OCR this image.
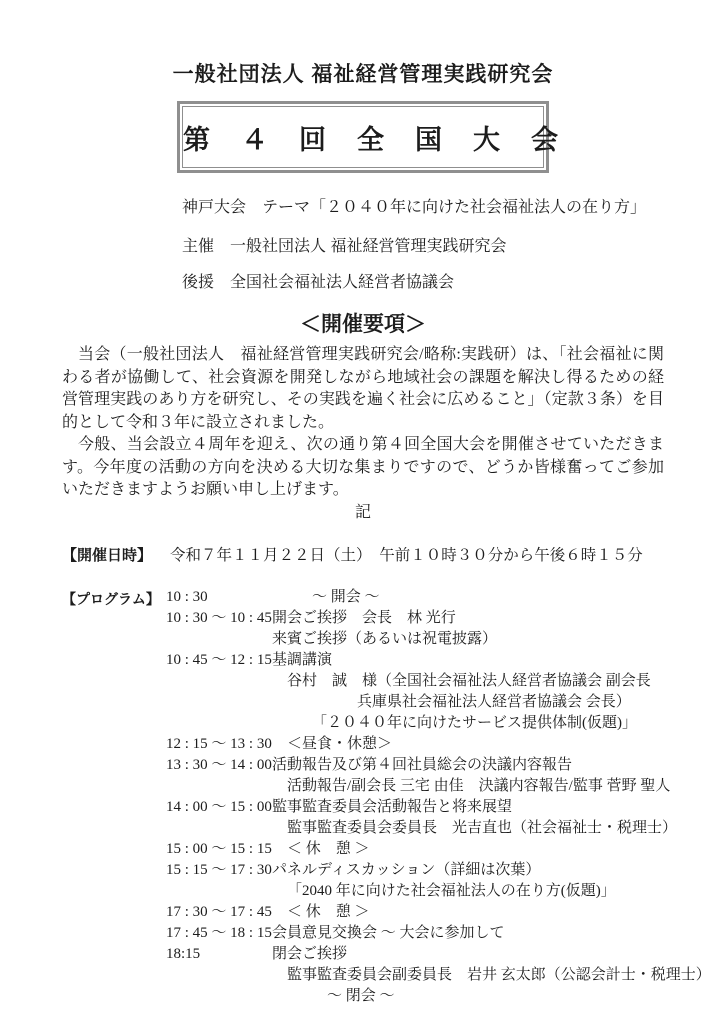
一般社団法人 福祉経営管理実践研究会
第　４　回　全　国　大　会
神戸大会　テーマ「２０４０年に向けた社会福祉法人の在り方」
主催　一般社団法人 福祉経営管理実践研究会
後援　全国社会福祉法人経営者協議会
＜開催要項＞

当会（一般社団法人　福祉経営管理実践研究会/略称:実践研）は、「社会福祉に関わる者が協働して、社会資源を開発しながら地域社会の課題を解決し得るための経営管理実践のあり方を研究し、その実践を遍く社会に広めること」（定款３条）を目的として令和３年に設立されました。

今般、当会設立４周年を迎え、次の通り第４回全国大会を開催させていただきます。今年度の活動の方向を決める大切な集まりですので、どうか皆様奮ってご参加いただきますようお願い申し上げます。

記
【開催日時】	令和７年１１月２２日（土）　午前１０時３０分から午後６時１５分
【プログラム】 10 : 30	〜 開会 〜
10 : 30 〜 10 : 45 開会ご挨拶　会長　林 光行
来賓ご挨拶（あるいは祝電披露）
10 : 45 〜 12 : 15 基調講演
谷村　誠　様（全国社会福祉法人経営者協議会 副会長
兵庫県社会福祉法人経営者協議会 会長）
「２０４０年に向けたサービス提供体制(仮題)」
12 : 15 〜 13 : 30 ＜昼食・休憩＞
13 : 30 〜 14 : 00 活動報告及び第４回社員総会の決議内容報告
活動報告/副会長 三宅 由佳　決議内容報告/監事 菅野 聖人
14 : 00 〜 15 : 00 監事監査委員会活動報告と将来展望
監事監査委員会委員長　光吉直也（社会福祉士・税理士）
15 : 00 〜 15 : 15 ＜ 休　憩 ＞
15 : 15 〜 17 : 30 パネルディスカッション（詳細は次葉）
「2040 年に向けた社会福祉法人の在り方(仮題)」
17 : 30 〜 17 : 45 ＜ 休　憩 ＞
17 : 45 〜 18 : 15 会員意見交換会 〜 大会に参加して
18:15	閉会ご挨拶
監事監査委員会副委員長　岩井 玄太郎（公認会計士・税理士）
〜 閉会 〜
